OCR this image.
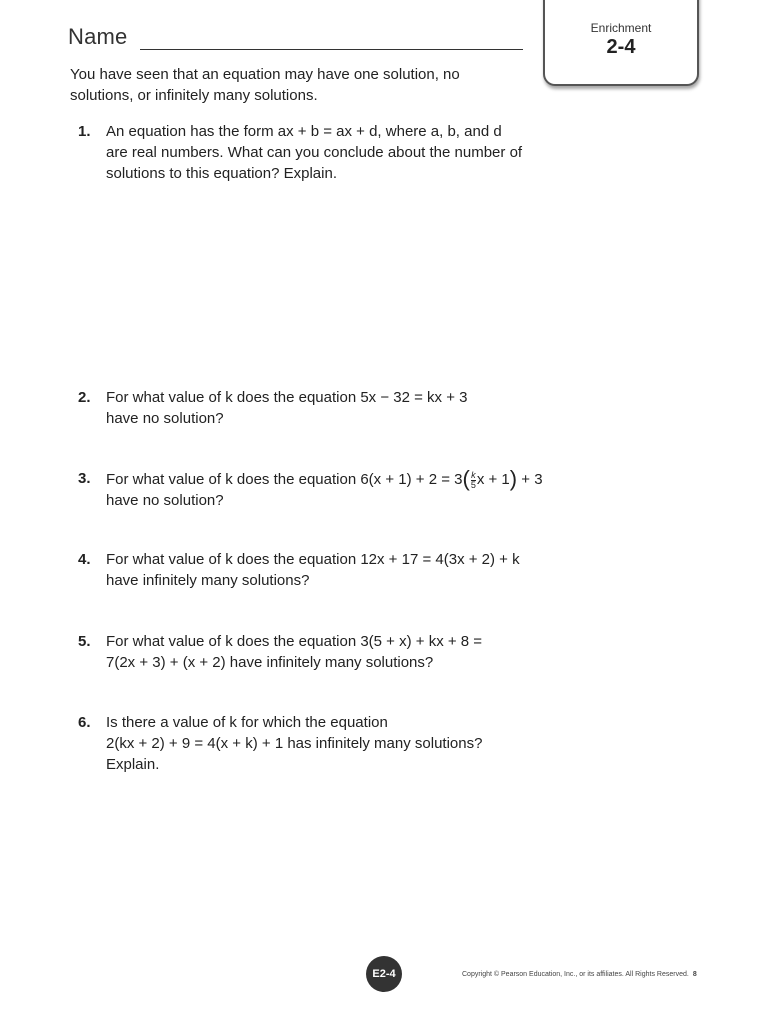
Name	Enrichment
2-4
You have seen that an equation may have one solution, no
solutions, or infinitely many solutions.
1. An equation has the form ax + b = ax + d, where a, b, and d
are real numbers. What can you conclude about the number of
solutions to this equation? Explain.
2. For what value of k does the equation 5x − 32 = kx + 3
have no solution?
3. For what value of k does the equation $6(x + 1) + 2 = 3( \frac{k}{5}$ x + 1) + 3
have no solution?
4. For what value of k does the equation 12x + 17 = 4(3x + 2) + k
have infinitely many solutions?
5. For what value of k does the equation 3(5 + x) + kx + 8 =
7(2x + 3) + (x + 2) have infinitely many solutions?
6. Is there a value of k for which the equation
2(kx + 2) + 9 = 4(x + k) + 1 has infinitely many solutions?
Explain.
E2-4	Copyright © Pearson Education, Inc., or its affiliates. All Rights Reserved. 8
